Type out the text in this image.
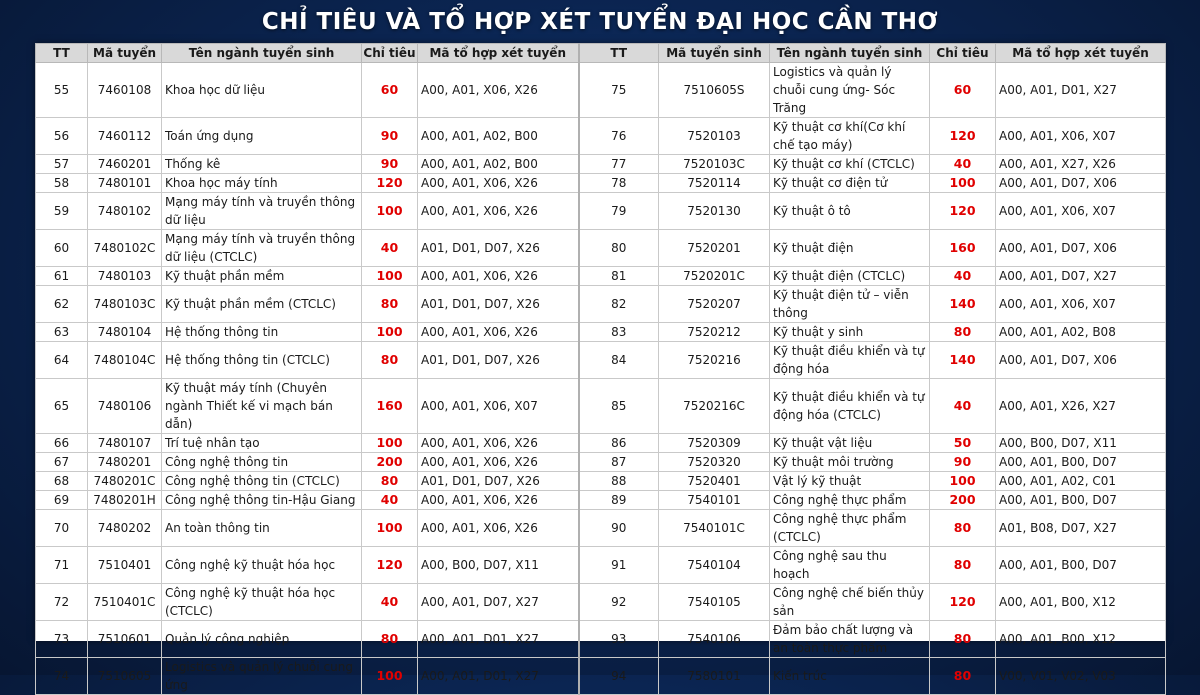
CHỈ TIÊU VÀ TỔ HỢP XÉT TUYỂN ĐẠI HỌC CẦN THƠ
TT	Mã tuyển	Tên ngành tuyển sinh	Chỉ tiêu	Mã tổ hợp xét tuyển	TT	Mã tuyển sinh	Tên ngành tuyển sinh	Chỉ tiêu	Mã tổ hợp xét tuyển
55	7460108	Khoa học dữ liệu	60	A00, A01, X06, X26	75	7510605S	Logistics và quản lý chuỗi cung ứng- Sóc Trăng	60	A00, A01, D01, X27
56	7460112	Toán ứng dụng	90	A00, A01, A02, B00	76	7520103	Kỹ thuật cơ khí(Cơ khí chế tạo máy)	120	A00, A01, X06, X07
57	7460201	Thống kê	90	A00, A01, A02, B00	77	7520103C	Kỹ thuật cơ khí (CTCLC)	40	A00, A01, X27, X26
58	7480101	Khoa học máy tính	120	A00, A01, X06, X26	78	7520114	Kỹ thuật cơ điện tử	100	A00, A01, D07, X06
59	7480102	Mạng máy tính và truyền thông dữ liệu	100	A00, A01, X06, X26	79	7520130	Kỹ thuật ô tô	120	A00, A01, X06, X07
60	7480102C	Mạng máy tính và truyền thông dữ liệu (CTCLC)	40	A01, D01, D07, X26	80	7520201	Kỹ thuật điện	160	A00, A01, D07, X06
61	7480103	Kỹ thuật phần mềm	100	A00, A01, X06, X26	81	7520201C	Kỹ thuật điện (CTCLC)	40	A00, A01, D07, X27
62	7480103C	Kỹ thuật phần mềm (CTCLC)	80	A01, D01, D07, X26	82	7520207	Kỹ thuật điện tử – viễn thông	140	A00, A01, X06, X07
63	7480104	Hệ thống thông tin	100	A00, A01, X06, X26	83	7520212	Kỹ thuật y sinh	80	A00, A01, A02, B08
64	7480104C	Hệ thống thông tin (CTCLC)	80	A01, D01, D07, X26	84	7520216	Kỹ thuật điều khiển và tự động hóa	140	A00, A01, D07, X06
65	7480106	Kỹ thuật máy tính (Chuyên ngành Thiết kế vi mạch bán dẫn)	160	A00, A01, X06, X07	85	7520216C	Kỹ thuật điều khiển và tự động hóa (CTCLC)	40	A00, A01, X26, X27
66	7480107	Trí tuệ nhân tạo	100	A00, A01, X06, X26	86	7520309	Kỹ thuật vật liệu	50	A00, B00, D07, X11
67	7480201	Công nghệ thông tin	200	A00, A01, X06, X26	87	7520320	Kỹ thuật môi trường	90	A00, A01, B00, D07
68	7480201C	Công nghệ thông tin (CTCLC)	80	A01, D01, D07, X26	88	7520401	Vật lý kỹ thuật	100	A00, A01, A02, C01
69	7480201H	Công nghệ thông tin-Hậu Giang	40	A00, A01, X06, X26	89	7540101	Công nghệ thực phẩm	200	A00, A01, B00, D07
70	7480202	An toàn thông tin	100	A00, A01, X06, X26	90	7540101C	Công nghệ thực phẩm (CTCLC)	80	A01, B08, D07, X27
71	7510401	Công nghệ kỹ thuật hóa học	120	A00, B00, D07, X11	91	7540104	Công nghệ sau thu hoạch	80	A00, A01, B00, D07
72	7510401C	Công nghệ kỹ thuật hóa học (CTCLC)	40	A00, A01, D07, X27	92	7540105	Công nghệ chế biến thủy sản	120	A00, A01, B00, X12
73	7510601	Quản lý công nghiệp	80	A00, A01, D01, X27	93	7540106	Đảm bảo chất lượng và an toàn thực phẩm	80	A00, A01, B00, X12
74	7510605	Logistics và quản lý chuỗi cung ứng	100	A00, A01, D01, X27	94	7580101	Kiến trúc	80	V00, V01, V02, V03
